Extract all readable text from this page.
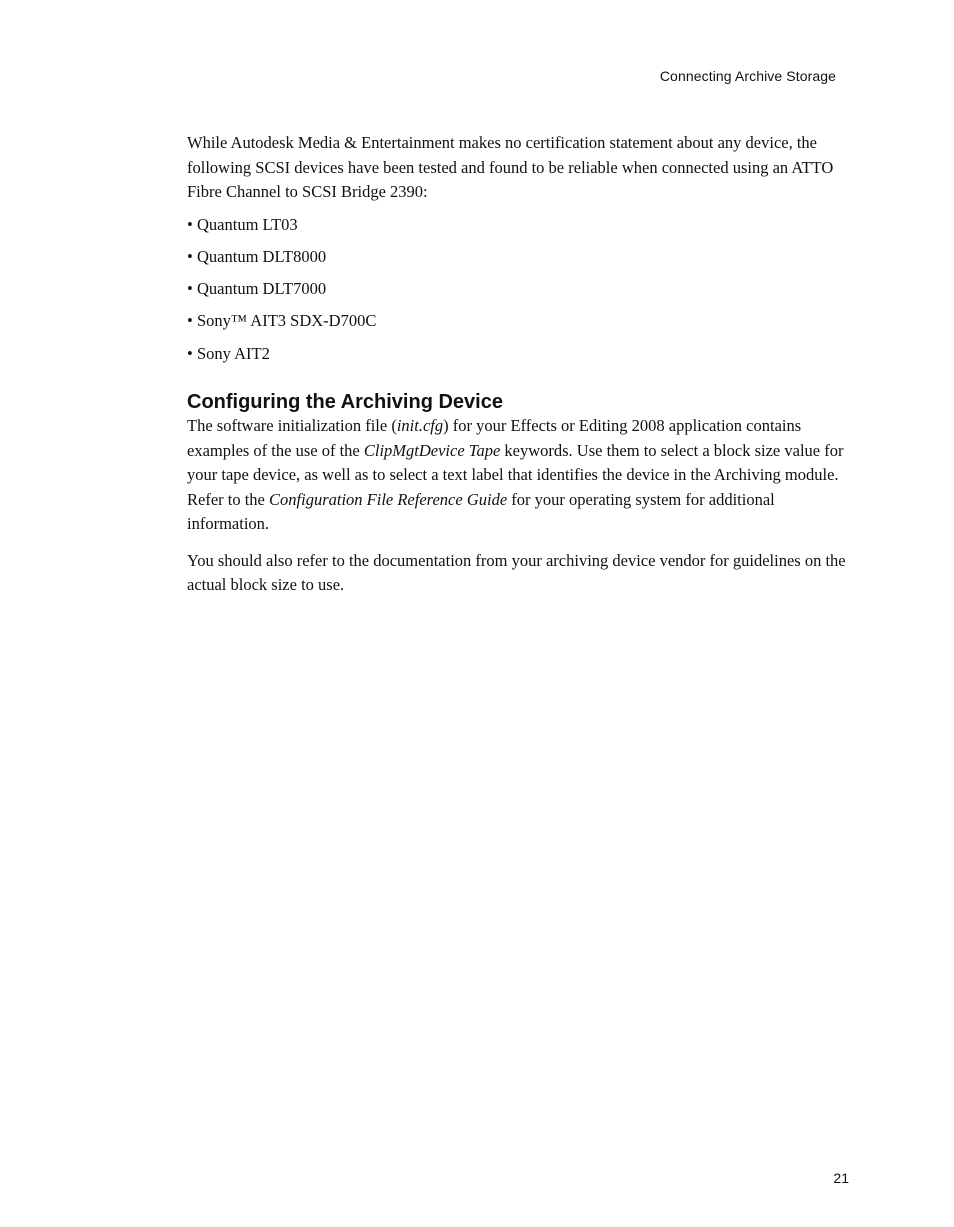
Connecting Archive Storage

While Autodesk Media & Entertainment makes no certification statement about any device, the following SCSI devices have been tested and found to be reliable when connected using an ATTO Fibre Channel to SCSI Bridge 2390:

• Quantum LT03
• Quantum DLT8000
• Quantum DLT7000
• Sony™ AIT3 SDX-D700C
• Sony AIT2
Configuring the Archiving Device

The software initialization file (init.cfg) for your Effects or Editing 2008 application contains examples of the use of the ClipMgtDevice Tape keywords. Use them to select a block size value for your tape device, as well as to select a text label that identifies the device in the Archiving module. Refer to the Configuration File Reference Guide for your operating system for additional information.

You should also refer to the documentation from your archiving device vendor for guidelines on the actual block size to use.

21
